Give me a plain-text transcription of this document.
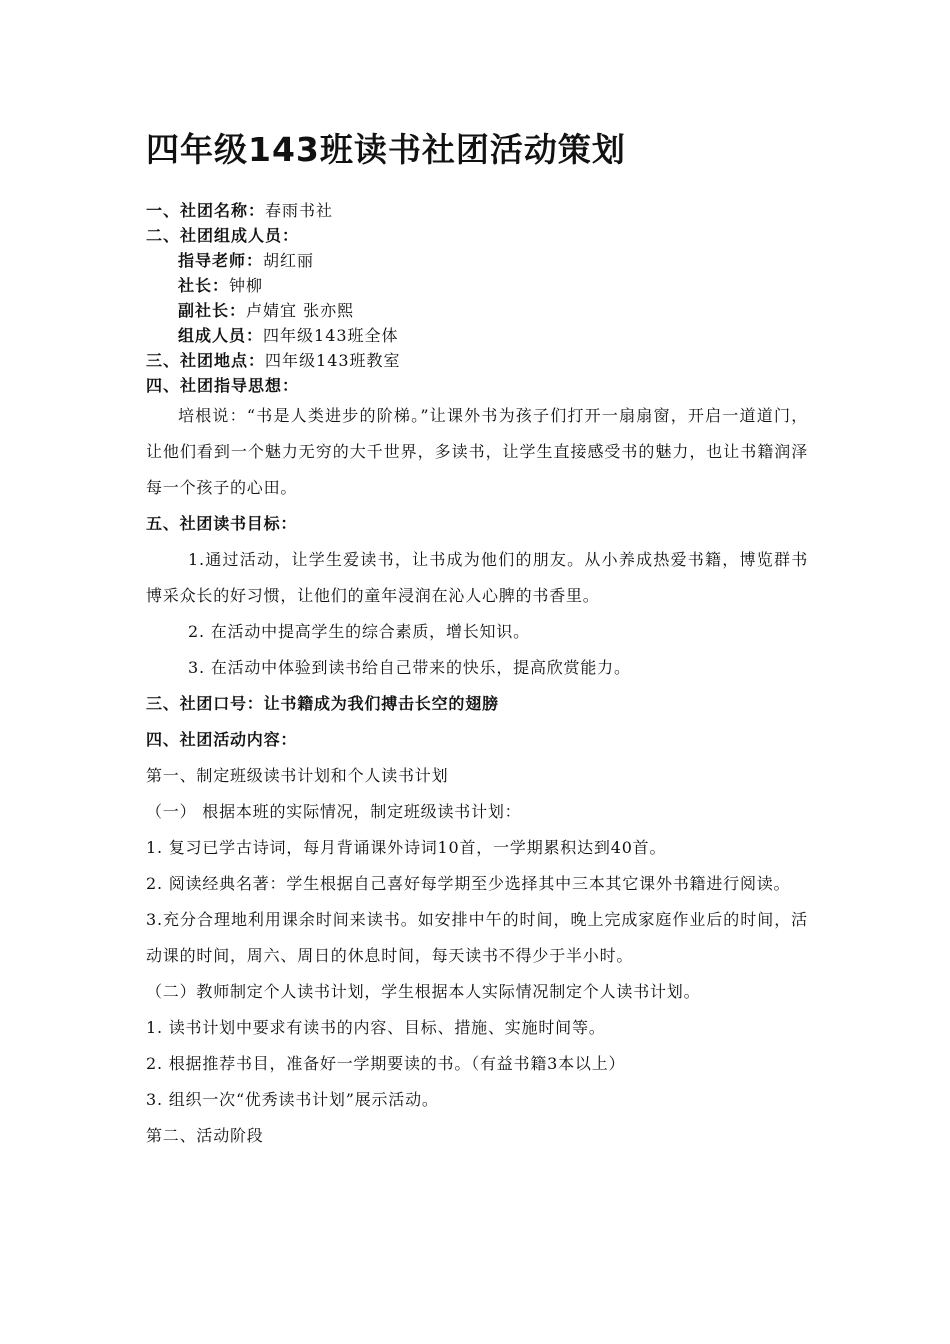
四年级143班读书社团活动策划

一、社团名称：春雨书社

二、社团组成人员：

指导老师：胡红丽

社长：钟柳

副社长：卢婧宜 张亦熙

组成人员：四年级143班全体

三、社团地点：四年级143班教室

四、社团指导思想：

培根说：“书是人类进步的阶梯。”让课外书为孩子们打开一扇扇窗，开启一道道门，让他们看到一个魅力无穷的大千世界，多读书，让学生直接感受书的魅力，也让书籍润泽每一个孩子的心田。

五、社团读书目标：

1.通过活动，让学生爱读书，让书成为他们的朋友。从小养成热爱书籍，博览群书博采众长的好习惯，让他们的童年浸润在沁人心脾的书香里。

2. 在活动中提高学生的综合素质，增长知识。

3. 在活动中体验到读书给自己带来的快乐，提高欣赏能力。

三、社团口号：让书籍成为我们搏击长空的翅膀

四、社团活动内容：

第一、制定班级读书计划和个人读书计划

（一） 根据本班的实际情况，制定班级读书计划：

1. 复习已学古诗词，每月背诵课外诗词10首，一学期累积达到40首。

2. 阅读经典名著：学生根据自己喜好每学期至少选择其中三本其它课外书籍进行阅读。

3.充分合理地利用课余时间来读书。如安排中午的时间，晚上完成家庭作业后的时间，活动课的时间，周六、周日的休息时间，每天读书不得少于半小时。

（二）教师制定个人读书计划，学生根据本人实际情况制定个人读书计划。

1. 读书计划中要求有读书的内容、目标、措施、实施时间等。

2. 根据推荐书目，准备好一学期要读的书。（有益书籍3本以上）

3. 组织一次“优秀读书计划”展示活动。

第二、活动阶段
